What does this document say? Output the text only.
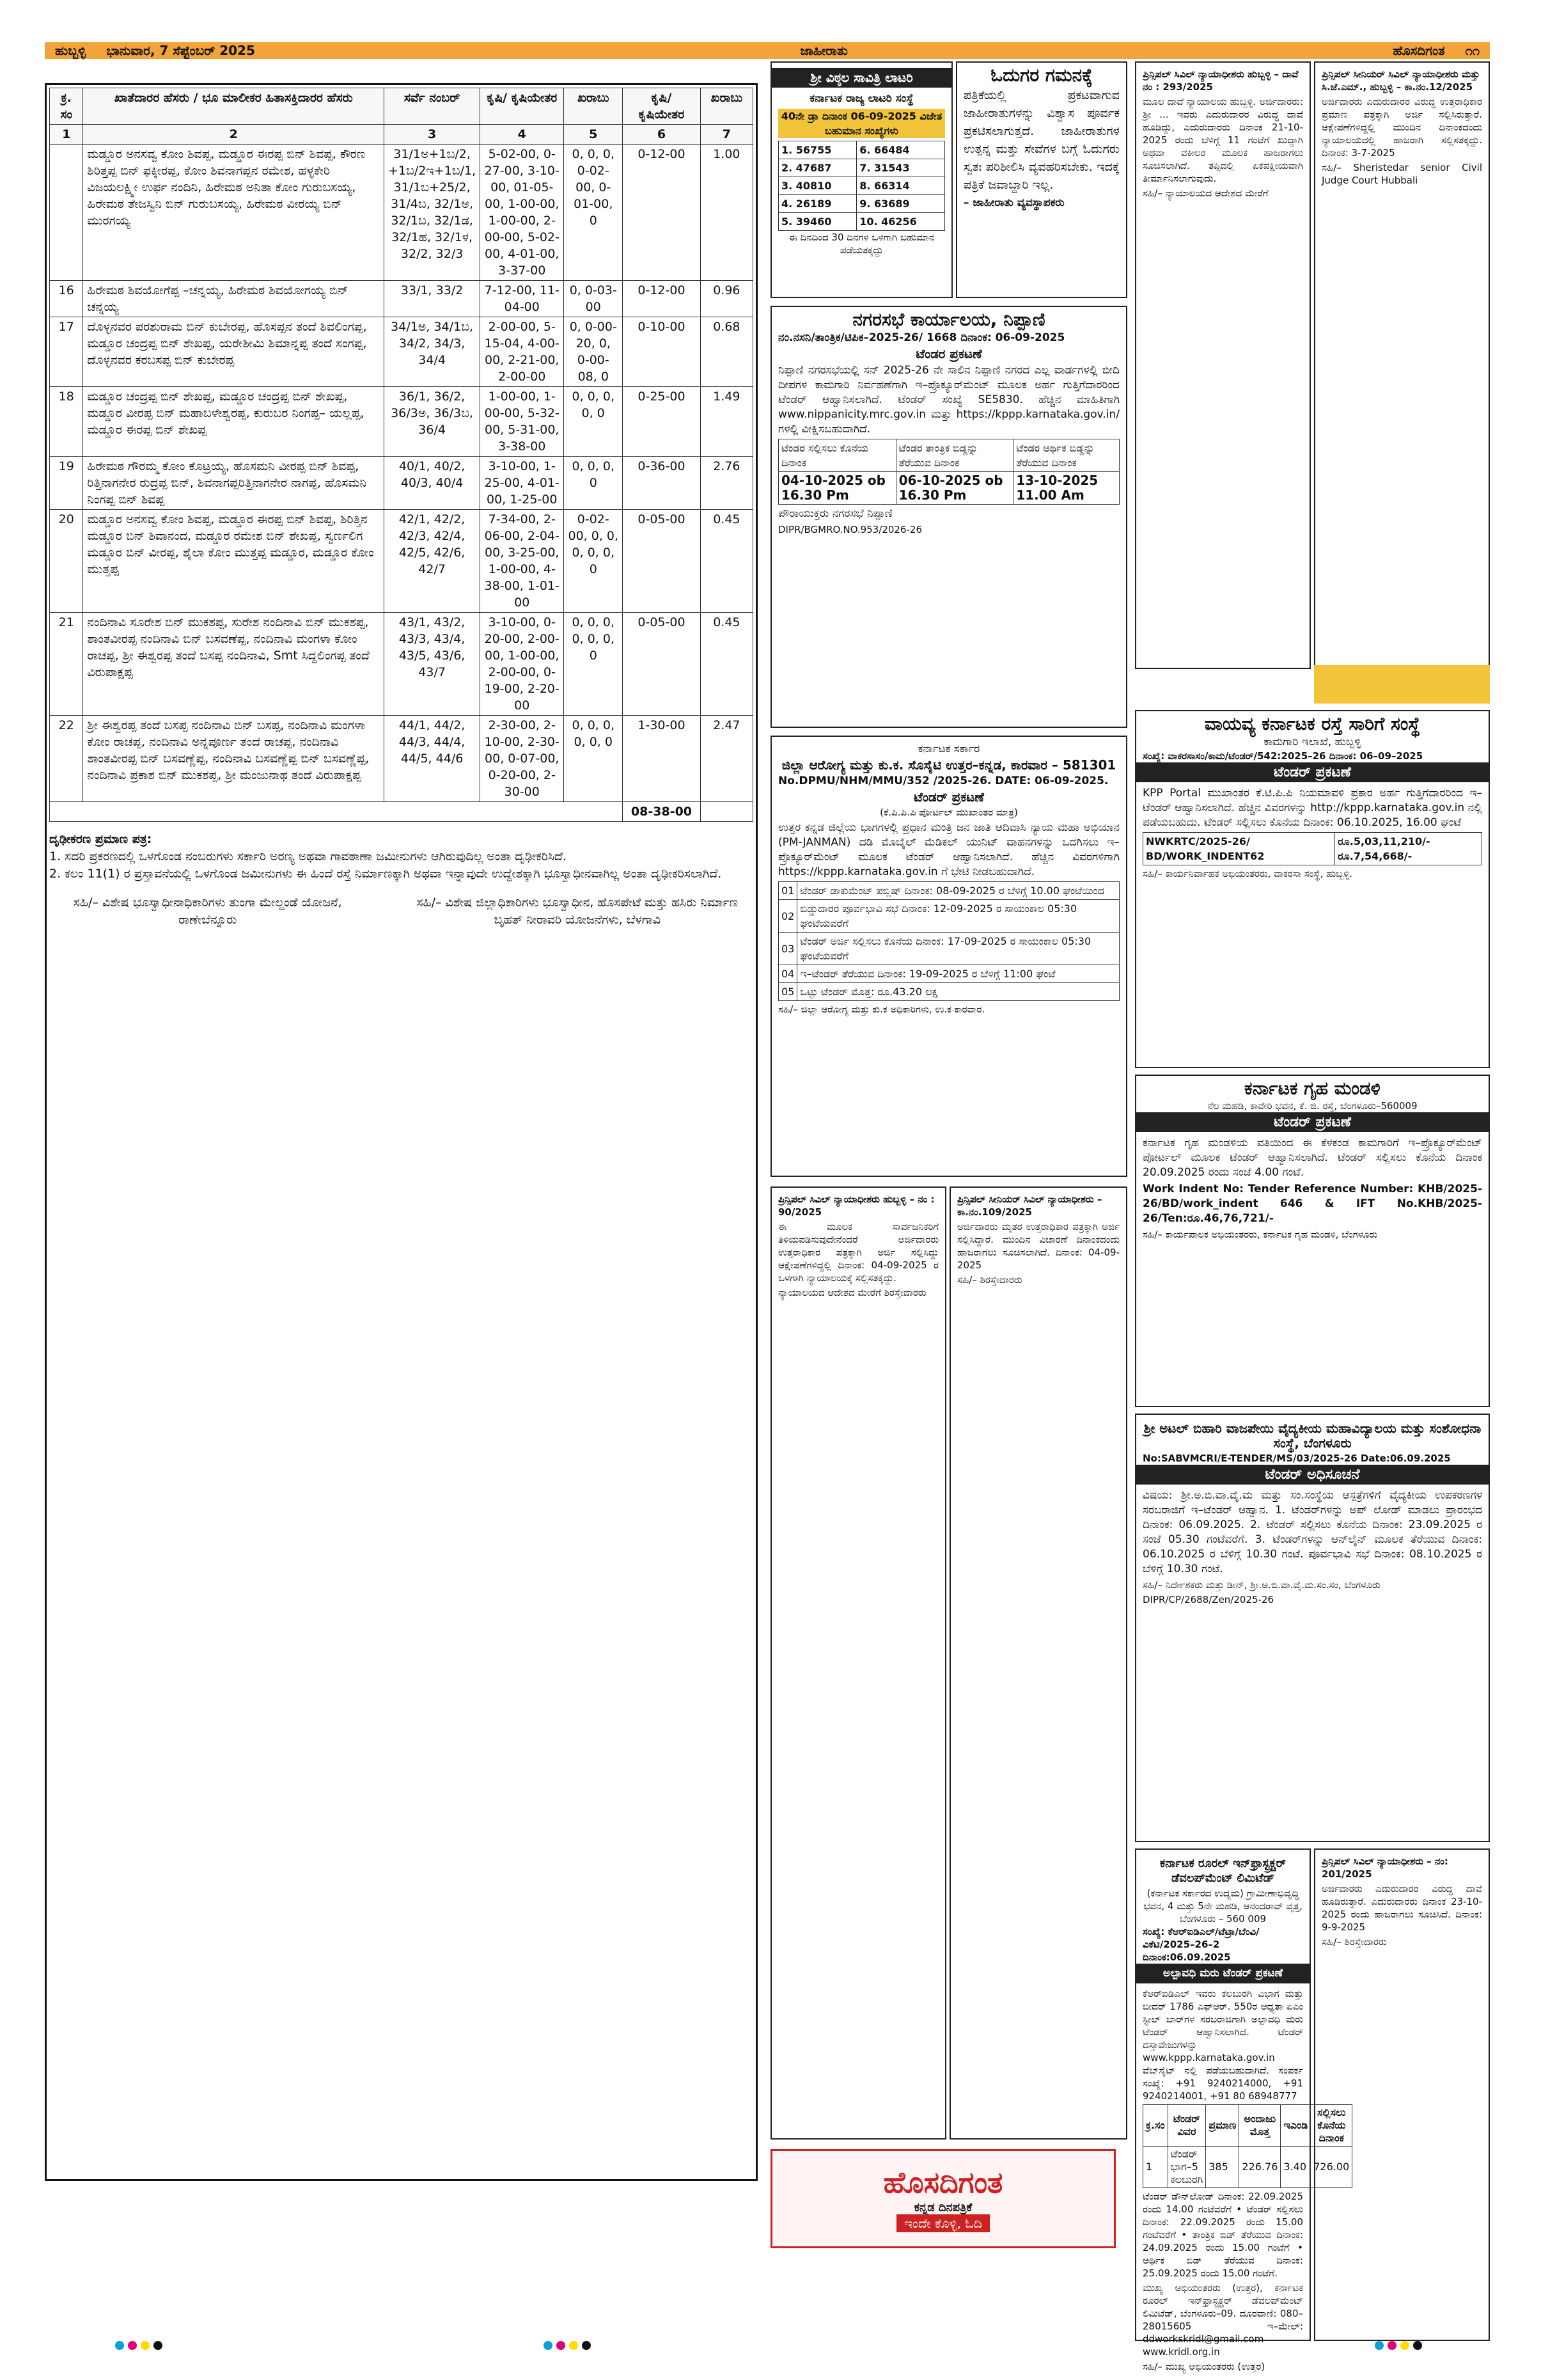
ಹುಬ್ಬಳ್ಳಿ	ಭಾನುವಾರ, 7 ಸೆಪ್ಟೆಂಬರ್ 2025	ಜಾಹೀರಾತು	ಹೊಸದಿಗಂತ	೧೧
ಕ್ರ. ಸಂ	ಖಾತೆದಾರರ ಹೆಸರು / ಭೂ ಮಾಲೀಕರ ಹಿತಾಸಕ್ತಿದಾರರ ಹೆಸರು	ಸರ್ವೆ ನಂಬರ್	ಕೃಷಿ/ ಕೃಷಿಯೇತರ	ಖರಾಬು	ಕೃಷಿ/ ಕೃಷಿಯೇತರ	ಖರಾಬು
1	2	3	4	5	6	7
	ಮಡ್ಡೂರ ಅನಸವ್ವ ಕೋಂ ಶಿವಪ್ಪ, ಮಡ್ಡೂರ ಈರಪ್ಪ ಬಿನ್ ಶಿವಪ್ಪ, ಕೌರಣ ಶಿರಿತ್ತಪ್ಪ ಬಿನ್ ಫಕ್ಕೀರಪ್ಪ, ಕೋಂ ಶಿವನಾಗಪ್ಪನ ರಮೇಶ, ಹಳ್ಳಕೇರಿ ವಿಜಯಲಕ್ಷ್ಮೀ ಉರ್ಫ ನಂದಿನಿ, ಹಿರೇಮಠ ಅನಿತಾ ಕೋಂ ಗುರುಬಸಯ್ಯ, ಹಿರೇಮಠ ತೇಜಸ್ವಿನಿ ಬಿನ್ ಗುರುಬಸಯ್ಯ, ಹಿರೇಮಠ ವೀರಯ್ಯ ಬಿನ್ ಮುರಗಯ್ಯ	31/1ಅ+1ಬ/2, +1ಬ/2ಇ+1ಬ/1, 31/1ಬ+25/2, 31/4ಬ, 32/1ಅ, 32/1ಬ, 32/1ಡ, 32/1ಹ, 32/1ಳ, 32/2, 32/3	5-02-00, 0-27-00, 3-10-00, 01-05-00, 1-00-00, 1-00-00, 2-00-00, 5-02-00, 4-01-00, 3-37-00	0, 0, 0, 0-02-00, 0-01-00, 0	0-12-00	1.00
16	ಹಿರೇಮಠ ಶಿವಯೋಗೆಪ್ಪ –ಚನ್ನಯ್ಯ, ಹಿರೇಮಠ ಶಿವಯೋಗಯ್ಯ ಬಿನ್ ಚನ್ನಯ್ಯ	33/1, 33/2	7-12-00, 11-04-00	0, 0-03-00	0-12-00	0.96
17	ದೊಳ್ಳನವರ ಪರಶುರಾಮ ಬಿನ್ ಕುಬೇರಪ್ಪ, ಹೊಸಪ್ಪನ ತಂದೆ ಶಿವಲಿಂಗಪ್ಪ, ಮಡ್ಡೂರ ಚಂದ್ರಪ್ಪ ಬಿನ್ ಶೇಖಪ್ಪ, ಯರೇಶೀಮಿ ಶಿಮಾನ್ನಪ್ಪ ತಂದೆ ಸಂಗಪ್ಪ, ದೊಳ್ಳನವರ ಕರಬಸಪ್ಪ ಬಿನ್ ಕುಬೇರಪ್ಪ	34/1ಅ, 34/1ಬ, 34/2, 34/3, 34/4	2-00-00, 5-15-04, 4-00-00, 2-21-00, 2-00-00	0, 0-00-20, 0, 0-00-08, 0	0-10-00	0.68
18	ಮಡ್ಡೂರ ಚಂದ್ರಪ್ಪ ಬಿನ್ ಶೇಖಪ್ಪ, ಮಡ್ಡೂರ ಚಂದ್ರಪ್ಪ ಬಿನ್ ಶೇಖಪ್ಪ, ಮಡ್ಡೂರ ವೀರಪ್ಪ ಬಿನ್ ಮಹಾಬಳೇಶ್ವರಪ್ಪ, ಕುರುಬರ ನಿಂಗಪ್ಪ– ಯಲ್ಲಪ್ಪ, ಮಡ್ಡೂರ ಈರಪ್ಪ ಬಿನ್ ಶೇಖಪ್ಪ	36/1, 36/2, 36/3ಅ, 36/3ಬ, 36/4	1-00-00, 1-00-00, 5-32-00, 5-31-00, 3-38-00	0, 0, 0, 0, 0	0-25-00	1.49
19	ಹಿರೇಮಠ ಗೌರಮ್ಮ ಕೋಂ ಕೊಟ್ರಯ್ಯ, ಹೊಸಮನಿ ವೀರಪ್ಪ ಬಿನ್ ಶಿವಪ್ಪ, ರಿತ್ತಿನಾಗನೇರ ರುದ್ರಪ್ಪ ಬಿನ್, ಶಿವನಾಗಪ್ಪರಿತ್ತಿನಾಗನೇರ ನಾಗಪ್ಪ, ಹೊಸಮನಿ ನಿಂಗಪ್ಪ ಬಿನ್ ಶಿವಪ್ಪ	40/1, 40/2, 40/3, 40/4	3-10-00, 1-25-00, 4-01-00, 1-25-00	0, 0, 0, 0	0-36-00	2.76
20	ಮಡ್ಡೂರ ಅನಸವ್ವ ಕೋಂ ಶಿವಪ್ಪ, ಮಡ್ಡೂರ ಈರಪ್ಪ ಬಿನ್ ಶಿವಪ್ಪ, ಶಿರಿತ್ತಿನ ಮಡ್ಡೂರ ಬಿನ್ ಶಿವಾನಂದ, ಮಡ್ಡೂರ ರಮೇಶ ಬಿನ್ ಶೇಖಪ್ಪ, ಸ್ವರ್ಣಲಿಗ ಮಡ್ಡೂರ ಬಿನ್ ವೀರಪ್ಪ, ಶೈಲಾ ಕೋಂ ಮುತ್ತಪ್ಪ ಮಡ್ಡೂರ, ಮಡ್ಡೂರ ಕೋಂ ಮುತ್ತಪ್ಪ	42/1, 42/2, 42/3, 42/4, 42/5, 42/6, 42/7	7-34-00, 2-06-00, 2-04-00, 3-25-00, 1-00-00, 4-38-00, 1-01-00	0-02-00, 0, 0, 0, 0, 0, 0	0-05-00	0.45
21	ನಂದಿನಾವಿ ಸೂರೇಶ ಬಿನ್ ಮುಕಶಪ್ಪ, ಸುರೇಶ ನಂದಿನಾವಿ ಬಿನ್ ಮುಕಶಪ್ಪ, ಶಾಂತವೀರಪ್ಪ ನಂದಿನಾವಿ ಬಿನ್ ಬಸವಣೆಪ್ಪ, ನಂದಿನಾವಿ ಮಂಗಳಾ ಕೋಂ ರಾಚಪ್ಪ, ಶ್ರೀ ಈಶ್ವರಪ್ಪ ತಂದೆ ಬಸಪ್ಪ ನಂದಿನಾವಿ, Smt ಸಿದ್ದಲಿಂಗಪ್ಪ ತಂದೆ ವಿರುಪಾಕ್ಷಪ್ಪ	43/1, 43/2, 43/3, 43/4, 43/5, 43/6, 43/7	3-10-00, 0-20-00, 2-00-00, 1-00-00, 2-00-00, 0-19-00, 2-20-00	0, 0, 0, 0, 0, 0, 0	0-05-00	0.45
22	ಶ್ರೀ ಈಶ್ವರಪ್ಪ ತಂದೆ ಬಸಪ್ಪ ನಂದಿನಾವಿ ಬಿನ್ ಬಸಪ್ಪ, ನಂದಿನಾವಿ ಮಂಗಳಾ ಕೋಂ ರಾಚಪ್ಪ, ನಂದಿನಾವಿ ಅನ್ನಪೂರ್ಣ ತಂದೆ ರಾಚಪ್ಪ, ನಂದಿನಾವಿ ಶಾಂತವೀರಪ್ಪ ಬಿನ್ ಬಸವಣ್ಣೆಪ್ಪ, ನಂದಿನಾವಿ ಬಸವಣ್ಣೆಪ್ಪ ಬಿನ್ ಬಸವಣ್ಣೆಪ್ಪ, ನಂದಿನಾವಿ ಪ್ರಕಾಶ ಬಿನ್ ಮುಕಶಪ್ಪ, ಶ್ರೀ ಮಂಜುನಾಥ ತಂದೆ ವಿರುಪಾಕ್ಷಪ್ಪ	44/1, 44/2, 44/3, 44/4, 44/5, 44/6	2-30-00, 2-10-00, 2-30-00, 0-07-00, 0-20-00, 2-30-00	0, 0, 0, 0, 0, 0	1-30-00	2.47
					08-38-00	
ದೃಢೀಕರಣ ಪ್ರಮಾಣ ಪತ್ರ:
1. ಸದರಿ ಪ್ರಕರಣದಲ್ಲಿ ಒಳಗೊಂಡ ನಂಬರುಗಳು ಸರ್ಕಾರಿ ಅರಣ್ಯ ಅಥವಾ ಗಾವಠಾಣಾ ಜಮೀನುಗಳು ಆಗಿರುವುದಿಲ್ಲ ಅಂತಾ ದೃಢೀಕರಿಸಿದೆ.
2. ಕಲಂ 11(1) ರ ಪ್ರಸ್ತಾವನೆಯಲ್ಲಿ ಒಳಗೊಂಡ ಜಮೀನುಗಳು ಈ ಹಿಂದೆ ರಸ್ತೆ ನಿರ್ಮಾಣಕ್ಕಾಗಿ ಅಥವಾ ಇನ್ನಾವುದೇ ಉದ್ದೇಶಕ್ಕಾಗಿ ಭೂಸ್ವಾಧೀನವಾಗಿಲ್ಲ ಅಂತಾ ದೃಢೀಕರಿಸಲಾಗಿದೆ.
ಸಹಿ/– ವಿಶೇಷ ಭೂಸ್ವಾಧೀನಾಧಿಕಾರಿಗಳು ತುಂಗಾ ಮೇಲ್ದಂಡೆ ಯೋಜನೆ, ರಾಣೇಬೆನ್ನೂರು
ಸಹಿ/– ವಿಶೇಷ ಜಿಲ್ಲಾಧಿಕಾರಿಗಳು ಭೂಸ್ವಾಧೀನ, ಹೊಸಪೇಟೆ ಮತ್ತು ಹಸಿರು ನಿರ್ಮಾಣ ಬೃಹತ್ ನೀರಾವರಿ ಯೋಜನೆಗಳು, ಬೆಳಗಾವಿ
ಶ್ರೀ ವಿಠ್ಠಲ ಸಾವಿತ್ರಿ ಲಾಟರಿ
ಕರ್ನಾಟಕ ರಾಜ್ಯ ಲಾಟರಿ ಸಂಸ್ಥೆ
40ನೇ ಡ್ರಾ ದಿನಾಂಕ 06-09-2025 ವಿಜೇತ ಬಹುಮಾನ ಸಂಖ್ಯೆಗಳು
1. 56755	6. 66484
2. 47687	7. 31543
3. 40810	8. 66314
4. 26189	9. 63689
5. 39460	10. 46256
ಈ ದಿನದಿಂದ 30 ದಿನಗಳ ಒಳಗಾಗಿ ಬಹುಮಾನ ಪಡೆಯತಕ್ಕದ್ದು
ಓದುಗರ ಗಮನಕ್ಕೆ

ಪತ್ರಿಕೆಯಲ್ಲಿ ಪ್ರಕಟವಾಗುವ ಜಾಹೀರಾತುಗಳನ್ನು ವಿಶ್ವಾಸ ಪೂರ್ವಕ ಪ್ರಕಟಿಸಲಾಗುತ್ತದೆ. ಜಾಹೀರಾತುಗಳ ಉತ್ಪನ್ನ ಮತ್ತು ಸೇವೆಗಳ ಬಗ್ಗೆ ಓದುಗರು ಸ್ವತಃ ಪರಿಶೀಲಿಸಿ ವ್ಯವಹರಿಸಬೇಕು. ಇದಕ್ಕೆ ಪತ್ರಿಕೆ ಜವಾಬ್ದಾರಿ ಇಲ್ಲ.

– ಜಾಹೀರಾತು ವ್ಯವಸ್ಥಾಪಕರು

ನಗರಸಭೆ ಕಾರ್ಯಾಲಯ, ನಿಪ್ಪಾಣಿ
ನಂ.ನಸನಿ/ತಾಂತ್ರಿಕ/ಟಿಪಿಕ–2025-26/ 1668 ದಿನಾಂಕ: 06-09-2025
ಟೆಂಡರ ಪ್ರಕಟಣೆ

ನಿಪ್ಪಾಣಿ ನಗರಸಭೆಯಲ್ಲಿ ಸನ್ 2025-26 ನೇ ಸಾಲಿನ ನಿಪ್ಪಾಣಿ ನಗರದ ಎಲ್ಲ ವಾರ್ಡಗಳಲ್ಲಿ ಬೀದಿ ದೀಪಗಳ ಕಾಮಗಾರಿ ನಿರ್ವಹಣೆಗಾಗಿ ಇ–ಪ್ರೊಕ್ಯೂರ್‌ಮೆಂಟ್ ಮೂಲಕ ಅರ್ಹ ಗುತ್ತಿಗೆದಾರರಿಂದ ಟೆಂಡರ್ ಆಹ್ವಾನಿಸಲಾಗಿದೆ. ಟೆಂಡರ್ ಸಂಖ್ಯೆ SE5830. ಹೆಚ್ಚಿನ ಮಾಹಿತಿಗಾಗಿ www.nippanicity.mrc.gov.in ಮತ್ತು https://kppp.karnataka.gov.in/ ಗಳಲ್ಲಿ ವೀಕ್ಷಿಸಬಹುದಾಗಿದೆ.

ಟೆಂಡರ ಸಲ್ಲಿಸಲು ಕೊನೆಯ ದಿನಾಂಕ	ಟೆಂಡರ ತಾಂತ್ರಿಕ ಬಿಡ್ಡನ್ನು ತೆರೆಯುವ ದಿನಾಂಕ	ಟೆಂಡರ ಆರ್ಥಿಕ ಬಿಡ್ಡನ್ನು ತೆರೆಯುವ ದಿನಾಂಕ
04-10-2025 ob 16.30 Pm	06-10-2025 ob 16.30 Pm	13-10-2025 11.00 Am

ಪೌರಾಯುಕ್ತರು ನಗರಸಭೆ ನಿಪ್ಪಾಣಿ

DIPR/BGMRO.NO.953/2026-26
ಕರ್ನಾಟಕ ಸರ್ಕಾರ
ಜಿಲ್ಲಾ ಆರೋಗ್ಯ ಮತ್ತು ಕು.ಕ. ಸೊಸೈಟಿ ಉತ್ತರ–ಕನ್ನಡ, ಕಾರವಾರ – 581301
No.DPMU/NHM/MMU/352 /2025-26. DATE: 06-09-2025.
ಟೆಂಡರ್ ಪ್ರಕಟಣೆ
(ಕೆ.ಪಿ.ಪಿ.ಪಿ ಪೋರ್ಟಲ್ ಮುಖಾಂತರ ಮಾತ್ರ)

ಉತ್ತರ ಕನ್ನಡ ಜಿಲ್ಲೆಯ ಭಾಗಗಳಲ್ಲಿ ಪ್ರಧಾನ ಮಂತ್ರಿ ಜನ ಜಾತಿ ಆದಿವಾಸಿ ನ್ಯಾಯ ಮಹಾ ಅಭಿಯಾನ (PM-JANMAN) ದಡಿ ಮೊಬೈಲ್ ಮೆಡಿಕಲ್ ಯುನಿಟ್ ವಾಹನಗಳನ್ನು ಒದಗಿಸಲು ಇ–ಪ್ರೊಕ್ಯೂರ್‌ಮೆಂಟ್ ಮೂಲಕ ಟೆಂಡರ್ ಆಹ್ವಾನಿಸಲಾಗಿದೆ. ಹೆಚ್ಚಿನ ವಿವರಗಳಿಗಾಗಿ https://kppp.karnataka.gov.in ಗೆ ಭೇಟಿ ನೀಡಬಹುದಾಗಿದೆ.

01	ಟೆಂಡರ್ ಡಾಕುಮೆಂಟ್ ಪಬ್ಲಿಷ್ ದಿನಾಂಕ: 08-09-2025 ರ ಬೆಳಿಗ್ಗೆ 10.00 ಘಂಟೆಯಿಂದ
02	ಬಿಡ್ಡುದಾರರ ಪೂರ್ವಭಾವಿ ಸಭೆ ದಿನಾಂಕ: 12-09-2025 ರ ಸಾಯಂಕಾಲ 05:30 ಘಂಟೆಯವರೆಗೆ
03	ಟೆಂಡರ್ ಅರ್ಜಿ ಸಲ್ಲಿಸಲು ಕೊನೆಯ ದಿನಾಂಕ: 17-09-2025 ರ ಸಾಯಂಕಾಲ 05:30 ಘಂಟೆಯವರೆಗೆ
04	ಇ–ಟೆಂಡರ್ ತೆರೆಯುವ ದಿನಾಂಕ: 19-09-2025 ರ ಬೆಳಿಗ್ಗೆ 11:00 ಘಂಟೆ
05	ಒಟ್ಟು ಟೆಂಡರ್ ಮೊತ್ತ: ರೂ.43.20 ಲಕ್ಷ

ಸಹಿ/– ಜಿಲ್ಲಾ ಆರೋಗ್ಯ ಮತ್ತು ಕು.ಕ ಅಧಿಕಾರಿಗಳು, ಉ.ಕ ಕಾರವಾರ.

ಪ್ರಿನ್ಸಿಪಲ್ ಸಿವಿಲ್ ನ್ಯಾಯಾಧೀಶರು ಹುಬ್ಬಳ್ಳಿ – ನಂ : 90/2025

ಈ ಮೂಲಕ ಸಾರ್ವಜನಿಕರಿಗೆ ತಿಳಿಯಪಡಿಸುವುದೇನೆಂದರೆ ಅರ್ಜಿದಾರರು ಉತ್ತರಾಧಿಕಾರ ಪತ್ರಕ್ಕಾಗಿ ಅರ್ಜಿ ಸಲ್ಲಿಸಿದ್ದು ಆಕ್ಷೇಪಣೆಗಳಿದ್ದಲ್ಲಿ ದಿನಾಂಕ: 04-09-2025 ರ ಒಳಗಾಗಿ ನ್ಯಾಯಾಲಯಕ್ಕೆ ಸಲ್ಲಿಸತಕ್ಕದ್ದು.

ನ್ಯಾಯಾಲಯದ ಆದೇಶದ ಮೇರೆಗೆ ಶಿರಸ್ತೇದಾರರು

ಪ್ರಿನ್ಸಿಪಲ್ ಸೀನಿಯರ್ ಸಿವಿಲ್ ನ್ಯಾಯಾಧೀಶರು – ಕಾ.ನಂ.109/2025

ಅರ್ಜಿದಾರರು ಮೃತರ ಉತ್ತರಾಧಿಕಾರ ಪತ್ರಕ್ಕಾಗಿ ಅರ್ಜಿ ಸಲ್ಲಿಸಿದ್ದಾರೆ. ಮುಂದಿನ ವಿಚಾರಣೆ ದಿನಾಂಕದಂದು ಹಾಜರಾಗಲು ಸೂಚಿಸಲಾಗಿದೆ. ದಿನಾಂಕ: 04-09-2025

ಸಹಿ/– ಶಿರಸ್ತೇದಾರರು

ಹೊಸದಿಗಂತ
ಕನ್ನಡ ದಿನಪತ್ರಿಕೆ
ಇಂದೇ ಕೊಳ್ಳಿ, ಓದಿ
ಪ್ರಿನ್ಸಿಪಲ್ ಸಿವಿಲ್ ನ್ಯಾಯಾಧೀಶರು ಹುಬ್ಬಳ್ಳಿ – ದಾವೆ ನಂ : 293/2025

ಮೂಲ ದಾವೆ ನ್ಯಾಯಾಲಯ ಹುಬ್ಬಳ್ಳಿ. ಅರ್ಜಿದಾರರು: ಶ್ರೀ ... ಇವರು ಎದುರುದಾರರ ವಿರುದ್ಧ ದಾವೆ ಹೂಡಿದ್ದು, ಎದುರುದಾರರು ದಿನಾಂಕ 21-10-2025 ರಂದು ಬೆಳಿಗ್ಗೆ 11 ಗಂಟೆಗೆ ಖುದ್ದಾಗಿ ಅಥವಾ ವಕೀಲರ ಮೂಲಕ ಹಾಜರಾಗಲು ಸೂಚಿಸಲಾಗಿದೆ. ತಪ್ಪಿದಲ್ಲಿ ಏಕಪಕ್ಷೀಯವಾಗಿ ತೀರ್ಮಾನಿಸಲಾಗುವುದು.

ಸಹಿ/– ನ್ಯಾಯಾಲಯದ ಆದೇಶದ ಮೇರೆಗೆ

ಪ್ರಿನ್ಸಿಪಲ್ ಸೀನಿಯರ್ ಸಿವಿಲ್ ನ್ಯಾಯಾಧೀಶರು ಮತ್ತು ಸಿ.ಜೆ.ಎಮ್., ಹುಬ್ಬಳ್ಳಿ – ಕಾ.ನಂ.12/2025

ಅರ್ಜಿದಾರರು ಎದುರುದಾರರ ವಿರುದ್ಧ ಉತ್ತರಾಧಿಕಾರ ಪ್ರಮಾಣ ಪತ್ರಕ್ಕಾಗಿ ಅರ್ಜಿ ಸಲ್ಲಿಸಿರುತ್ತಾರೆ. ಆಕ್ಷೇಪಣೆಗಳಿದ್ದಲ್ಲಿ ಮುಂದಿನ ದಿನಾಂಕದಂದು ನ್ಯಾಯಾಲಯದಲ್ಲಿ ಹಾಜರಾಗಿ ಸಲ್ಲಿಸತಕ್ಕದ್ದು. ದಿನಾಂಕ: 3-7-2025

ಸಹಿ/– Sheristedar senior Civil Judge Court Hubbali

ವಾಯವ್ಯ ಕರ್ನಾಟಕ ರಸ್ತೆ ಸಾರಿಗೆ ಸಂಸ್ಥೆ
ಕಾಮಗಾರಿ ಇಲಾಖೆ, ಹುಬ್ಬಳ್ಳಿ
ಸಂಖ್ಯೆ: ವಾಕರಸಾಸಂ/ಕಾಮ/ಟೆಂಡರ್/542:2025–26 ದಿನಾಂಕ: 06–09–2025
ಟೆಂಡರ್ ಪ್ರಕಟಣೆ

KPP Portal ಮುಖಾಂತರ ಕೆ.ಟಿ.ಪಿ.ಪಿ ನಿಯಮಾವಳಿ ಪ್ರಕಾರ ಅರ್ಹ ಗುತ್ತಿಗೆದಾರರಿಂದ ಇ–ಟೆಂಡರ್ ಆಹ್ವಾನಿಸಲಾಗಿದೆ. ಹೆಚ್ಚಿನ ವಿವರಗಳನ್ನು http://kppp.karnataka.gov.in ನಲ್ಲಿ ಪಡೆಯಬಹುದು. ಟೆಂಡರ್ ಸಲ್ಲಿಸಲು ಕೊನೆಯ ದಿನಾಂಕ: 06.10.2025, 16.00 ಘಂಟೆ

NWKRTC/2025-26/ BD/WORK_INDENT62	ರೂ.5,03,11,210/- ರೂ.7,54,668/-

ಸಹಿ/– ಕಾರ್ಯನಿರ್ವಾಹಕ ಅಭಿಯಂತರರು, ವಾಕರಸಾ ಸಂಸ್ಥೆ, ಹುಬ್ಬಳ್ಳಿ.

ಕರ್ನಾಟಕ ಗೃಹ ಮಂಡಳಿ
ನೆಲ ಮಹಡಿ, ಕಾವೇರಿ ಭವನ, ಕೆ. ಜಿ. ರಸ್ತೆ, ಬೆಂಗಳೂರು–560009
ಟೆಂಡರ್ ಪ್ರಕಟಣೆ

ಕರ್ನಾಟಕ ಗೃಹ ಮಂಡಳಿಯ ವತಿಯಿಂದ ಈ ಕೆಳಕಂಡ ಕಾಮಗಾರಿಗೆ ಇ–ಪ್ರೊಕ್ಯೂರ್‌ಮೆಂಟ್ ಪೋರ್ಟಲ್ ಮೂಲಕ ಟೆಂಡರ್ ಆಹ್ವಾನಿಸಲಾಗಿದೆ. ಟೆಂಡರ್ ಸಲ್ಲಿಸಲು ಕೊನೆಯ ದಿನಾಂಕ 20.09.2025 ರಂದು ಸಂಜೆ 4.00 ಗಂಟೆ.

Work Indent No: Tender Reference Number: KHB/2025-26/BD/work_indent 646 & IFT No.KHB/2025-26/Ten:ರೂ.46,76,721/-

ಸಹಿ/– ಕಾರ್ಯಪಾಲಕ ಅಭಿಯಂತರರು, ಕರ್ನಾಟಕ ಗೃಹ ಮಂಡಳಿ, ಬೆಂಗಳೂರು

ಶ್ರೀ ಅಟಲ್ ಬಿಹಾರಿ ವಾಜಪೇಯಿ ವೈದ್ಯಕೀಯ ಮಹಾವಿದ್ಯಾಲಯ ಮತ್ತು ಸಂಶೋಧನಾ ಸಂಸ್ಥೆ, ಬೆಂಗಳೂರು
No:SABVMCRI/E-TENDER/MS/03/2025-26 Date:06.09.2025
ಟೆಂಡರ್ ಅಧಿಸೂಚನೆ

ವಿಷಯ: ಶ್ರೀ.ಅ.ಬಿ.ವಾ.ವೈ.ಮ ಮತ್ತು ಸಂ.ಸಂಸ್ಥೆಯ ಆಸ್ಪತ್ರೆಗಳಿಗೆ ವೈದ್ಯಕೀಯ ಉಪಕರಣಗಳ ಸರಬರಾಜಿಗೆ ಇ–ಟೆಂಡರ್ ಆಹ್ವಾನ. 1. ಟೆಂಡರ್‌ಗಳನ್ನು ಅಪ್ ಲೋಡ್ ಮಾಡಲು ಪ್ರಾರಂಭದ ದಿನಾಂಕ: 06.09.2025. 2. ಟೆಂಡರ್ ಸಲ್ಲಿಸಲು ಕೊನೆಯ ದಿನಾಂಕ: 23.09.2025 ರ ಸಂಜೆ 05.30 ಗಂಟೆವರೆಗೆ. 3. ಟೆಂಡರ್‌ಗಳನ್ನು ಆನ್‌ಲೈನ್ ಮೂಲಕ ತೆರೆಯುವ ದಿನಾಂಕ: 06.10.2025 ರ ಬೆಳಿಗ್ಗೆ 10.30 ಗಂಟೆ. ಪೂರ್ವಭಾವಿ ಸಭೆ ದಿನಾಂಕ: 08.10.2025 ರ ಬೆಳಿಗ್ಗೆ 10.30 ಗಂಟೆ.

ಸಹಿ/– ನಿರ್ದೇಶಕರು ಮತ್ತು ಡೀನ್, ಶ್ರೀ.ಅ.ಬಿ.ವಾ.ವೈ.ಮ.ಸಂ.ಸಂ, ಬೆಂಗಳೂರು

DIPR/CP/2688/Zen/2025-26
ಪ್ರಿನ್ಸಿಪಲ್ ಸಿವಿಲ್ ನ್ಯಾಯಾಧೀಶರು – ನಂ: 201/2025

ಅರ್ಜಿದಾರರು ಎದುರುದಾರರ ವಿರುದ್ಧ ದಾವೆ ಹೂಡಿರುತ್ತಾರೆ. ಎದುರುದಾರರು ದಿನಾಂಕ 23-10-2025 ರಂದು ಹಾಜರಾಗಲು ಸೂಚಿಸಿದೆ. ದಿನಾಂಕ: 9-9-2025

ಸಹಿ/– ಶಿರಸ್ತೇದಾರರು

ಕರ್ನಾಟಕ ರೂರಲ್ ಇನ್‌ಫ್ರಾಸ್ಟ್ರಕ್ಚರ್ ಡೆವಲಪ್‌ಮೆಂಟ್ ಲಿಮಿಟೆಡ್
(ಕರ್ನಾಟಕ ಸರ್ಕಾರದ ಉದ್ಯಮ) ಗ್ರಾಮೀಣಾಭಿವೃದ್ಧಿ ಭವನ, 4 ಮತ್ತು 5ನೇ ಮಹಡಿ, ಆನಂದರಾವ್ ವೃತ್ತ, ಬೆಂಗಳೂರು – 560 009
ಸಂಖ್ಯೆ: ಕೆಆರ್‌ಐಡಿಎಲ್/ಟೆಟ್ರಾ/ಬೆಂವಿ/ವಿಕೆಟಿ/2025–26–2 ದಿನಾಂಕ:06.09.2025
ಅಲ್ಪಾವಧಿ ಮರು ಟೆಂಡರ್ ಪ್ರಕಟಣೆ

ಕೆಆರ್‌ಐಡಿಎಲ್ ಇವರು ಕಲಬುರಗಿ ವಿಭಾಗ ಮತ್ತು ಬೀದರ್ 1786 ಎಫ್‌ಆರ್. 550ರ ಆಧ್ಯತಾ ಏಎಂ ಸ್ಟೀಲ್ ಬಾರ್‌ಗಳ ಸರಬರಾಜಿಗಾಗಿ ಅಲ್ಪಾವಧಿ ಮರು ಟೆಂಡರ್ ಆಹ್ವಾನಿಸಲಾಗಿದೆ. ಟೆಂಡರ್ ದಸ್ತಾವೇಜುಗಳನ್ನು www.kppp.karnataka.gov.in ವೆಬ್‌ಸೈಟ್ ನಲ್ಲಿ ಪಡೆಯಬಹುದಾಗಿದೆ. ಸಂಪರ್ಕ ಸಂಖ್ಯೆ: +91 9240214000, +91 9240214001, +91 80 68948777

ಕ್ರ.ಸಂ	ಟೆಂಡರ್ ವಿವರ	ಪ್ರಮಾಣ	ಅಂದಾಜು ಮೊತ್ತ	ಇಎಂಡಿ	ಸಲ್ಲಿಸಲು ಕೊನೆಯ ದಿನಾಂಕ
1	ಟೆಂಡರ್ ಭಾಗ–5 ಕಲಬುರಗಿ	385	226.76	3.40	726.00

ಟೆಂಡರ್ ಡೌನ್‌ಲೋಡ್ ದಿನಾಂಕ: 22.09.2025 ರಂದು 14.00 ಗಂಟೆವರೆಗೆ • ಟೆಂಡರ್ ಸಲ್ಲಿಸಲು ದಿನಾಂಕ: 22.09.2025 ರಂದು 15.00 ಗಂಟೆವರೆಗೆ • ತಾಂತ್ರಿಕ ಬಿಡ್ ತೆರೆಯುವ ದಿನಾಂಕ: 24.09.2025 ರಂದು 15.00 ಗಂಟೆಗೆ • ಆರ್ಥಿಕ ಬಿಡ್ ತೆರೆಯುವ ದಿನಾಂಕ: 25.09.2025 ರಂದು 15.00 ಗಂಟೆಗೆ.

ಮುಖ್ಯ ಅಭಿಯಂತರರು (ಉತ್ತರ), ಕರ್ನಾಟಕ ರೂರಲ್ ಇನ್‌ಫ್ರಾಸ್ಟ್ರಕ್ಚರ್ ಡೆವಲಪ್‌ಮೆಂಟ್ ಲಿಮಿಟೆಡ್, ಬೆಂಗಳೂರು–09. ದೂರವಾಣಿ: 080–28015605 ಇ–ಮೇಲ್: ddworkskridl@gmail.com www.kridl.org.in

ಸಹಿ/– ಮುಖ್ಯ ಅಭಿಯಂತರರು (ಉತ್ತರ)
